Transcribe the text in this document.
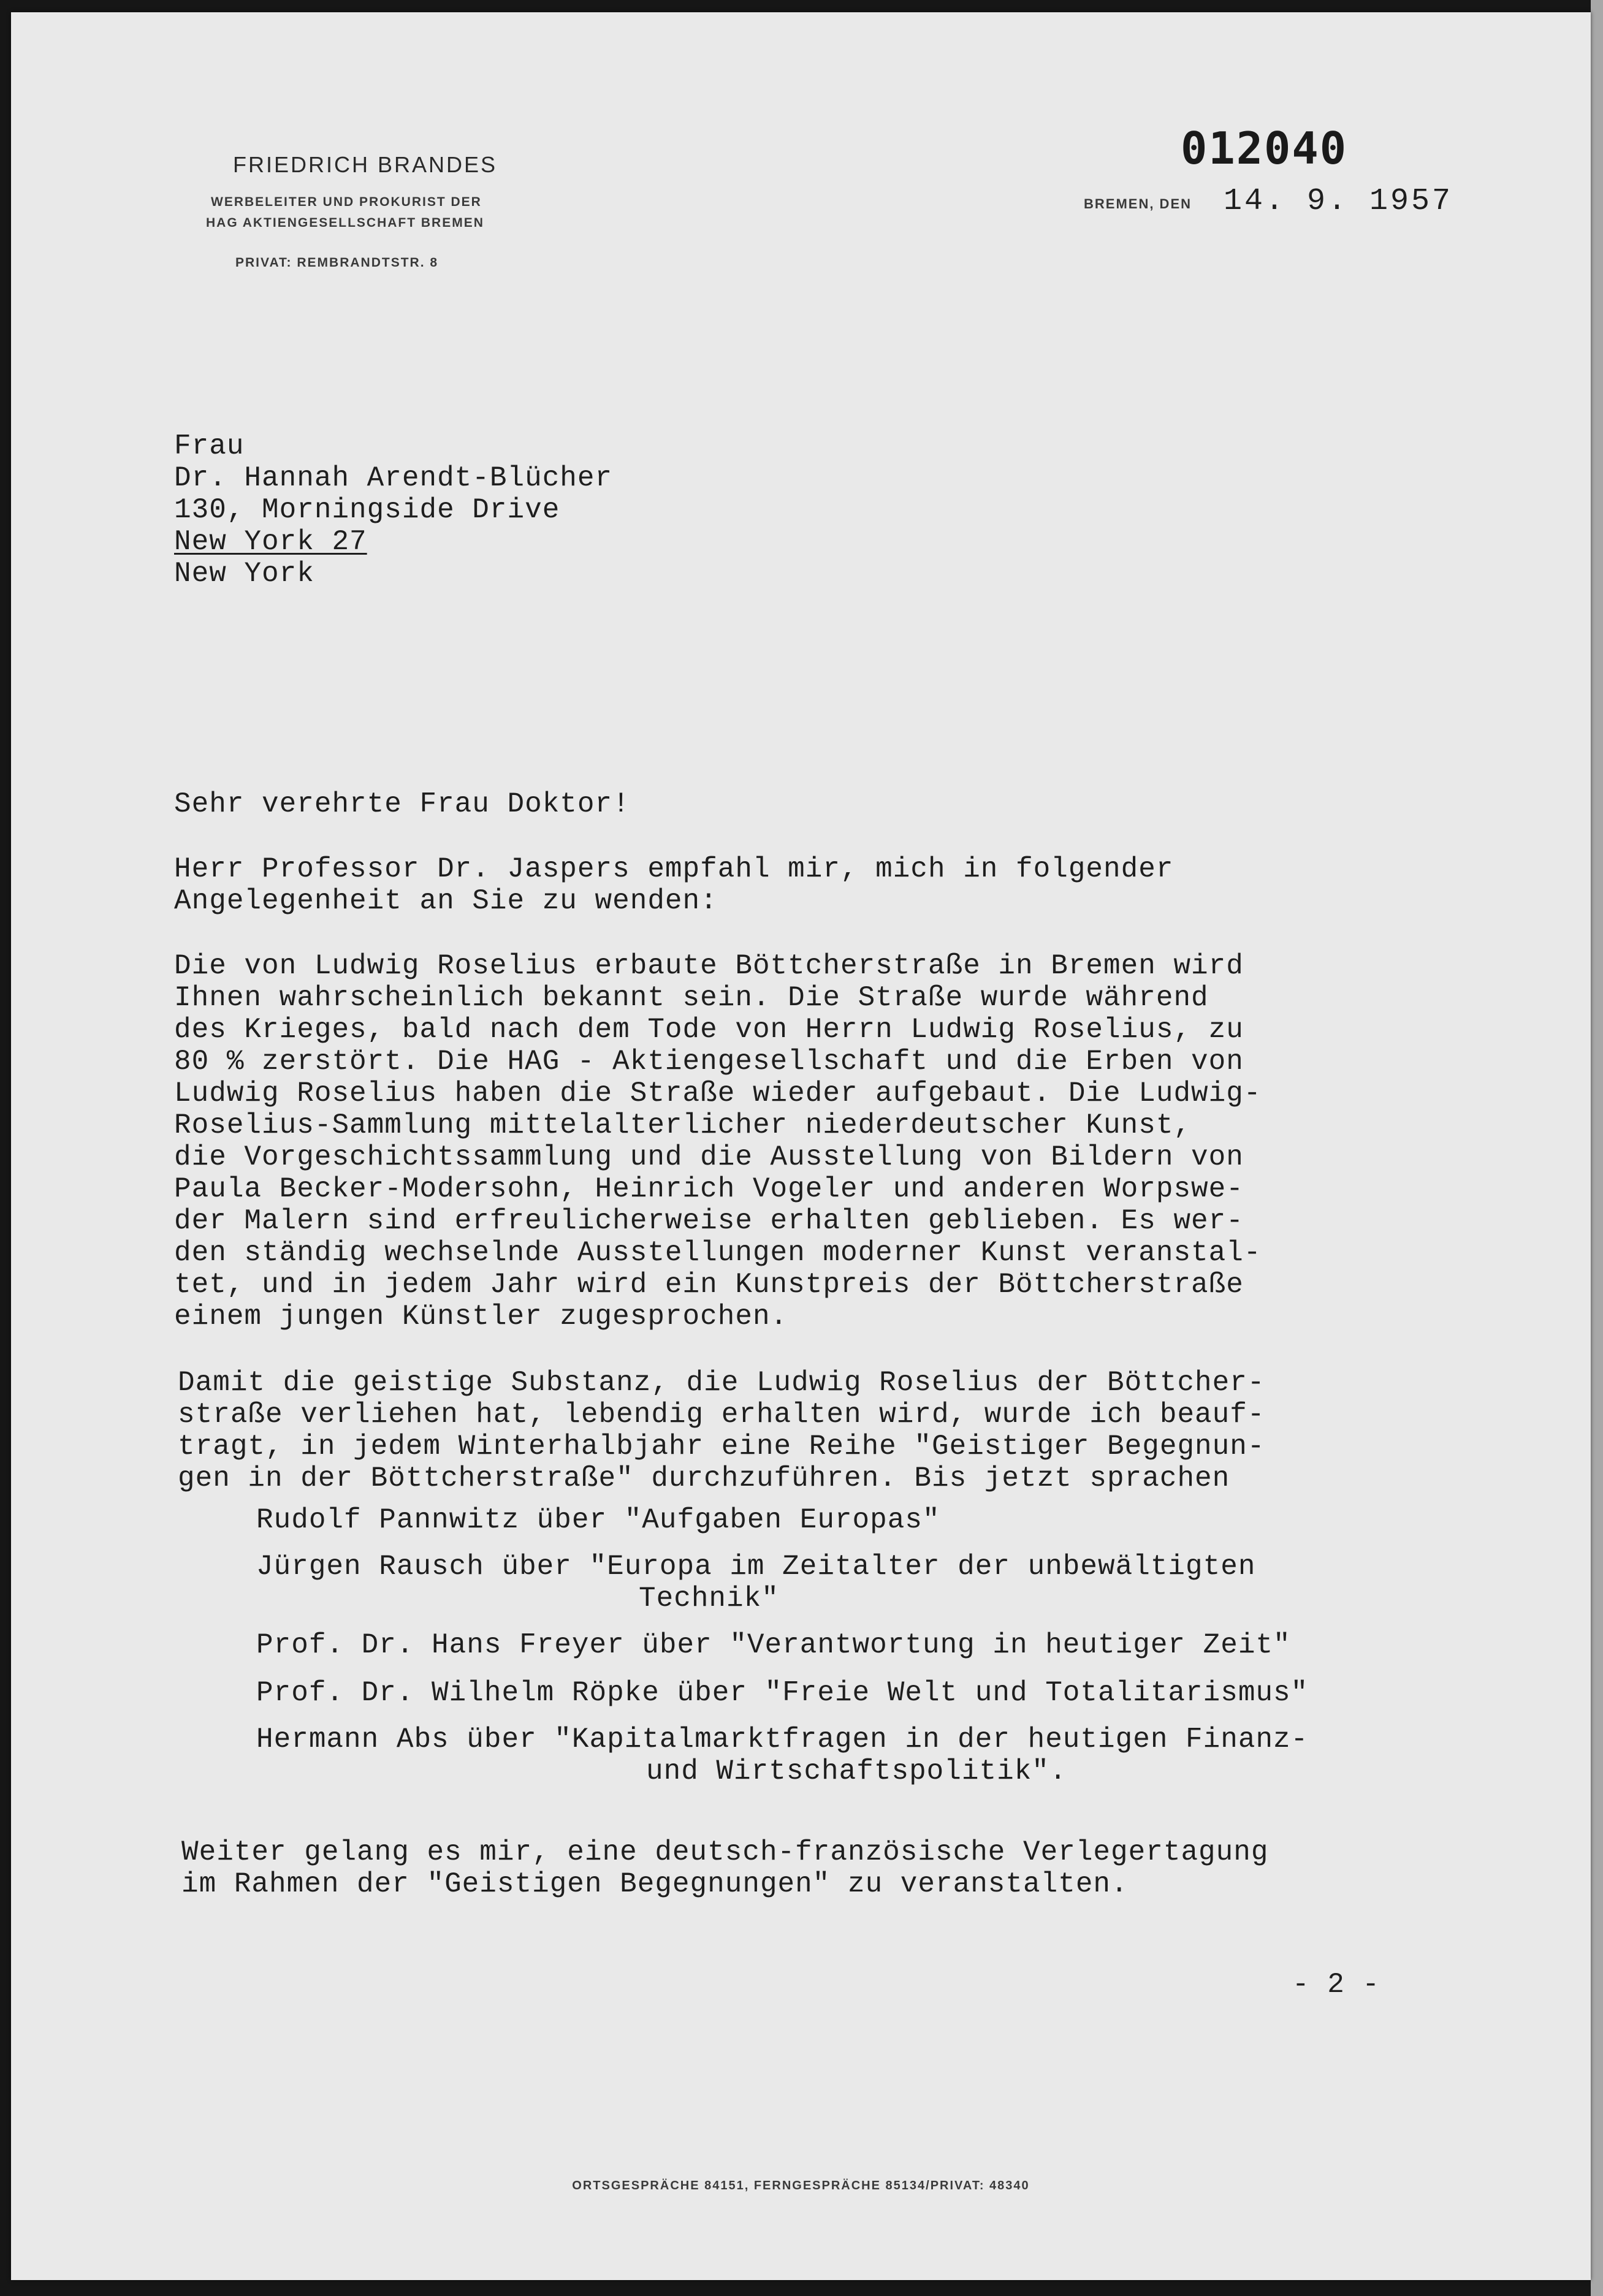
FRIEDRICH BRANDES
WERBELEITER UND PROKURIST DER
HAG AKTIENGESELLSCHAFT BREMEN
PRIVAT: REMBRANDTSTR. 8
012040
BREMEN, DEN 14. 9. 1957
Frau
Dr. Hannah Arendt-Blücher
130, Morningside Drive
New York 27
New York
Sehr verehrte Frau Doktor!
Herr Professor Dr. Jaspers empfahl mir, mich in folgender
Angelegenheit an Sie zu wenden:
Die von Ludwig Roselius erbaute Böttcherstraße in Bremen wird
Ihnen wahrscheinlich bekannt sein. Die Straße wurde während
des Krieges, bald nach dem Tode von Herrn Ludwig Roselius, zu
80 % zerstört. Die HAG - Aktiengesellschaft und die Erben von
Ludwig Roselius haben die Straße wieder aufgebaut. Die Ludwig-
Roselius-Sammlung mittelalterlicher niederdeutscher Kunst,
die Vorgeschichtssammlung und die Ausstellung von Bildern von
Paula Becker-Modersohn, Heinrich Vogeler und anderen Worpswe-
der Malern sind erfreulicherweise erhalten geblieben. Es wer-
den ständig wechselnde Ausstellungen moderner Kunst veranstal-
tet, und in jedem Jahr wird ein Kunstpreis der Böttcherstraße
einem jungen Künstler zugesprochen.
Damit die geistige Substanz, die Ludwig Roselius der Böttcher-
straße verliehen hat, lebendig erhalten wird, wurde ich beauf-
tragt, in jedem Winterhalbjahr eine Reihe "Geistiger Begegnun-
gen in der Böttcherstraße" durchzuführen. Bis jetzt sprachen
Rudolf Pannwitz über "Aufgaben Europas"
Jürgen Rausch über "Europa im Zeitalter der unbewältigten
Technik"
Prof. Dr. Hans Freyer über "Verantwortung in heutiger Zeit"
Prof. Dr. Wilhelm Röpke über "Freie Welt und Totalitarismus"
Hermann Abs über "Kapitalmarktfragen in der heutigen Finanz-
und Wirtschaftspolitik".
Weiter gelang es mir, eine deutsch-französische Verlegertagung
im Rahmen der "Geistigen Begegnungen" zu veranstalten.
- 2 -
ORTSGESPRÄCHE 84151, FERNGESPRÄCHE 85134/PRIVAT: 48340
